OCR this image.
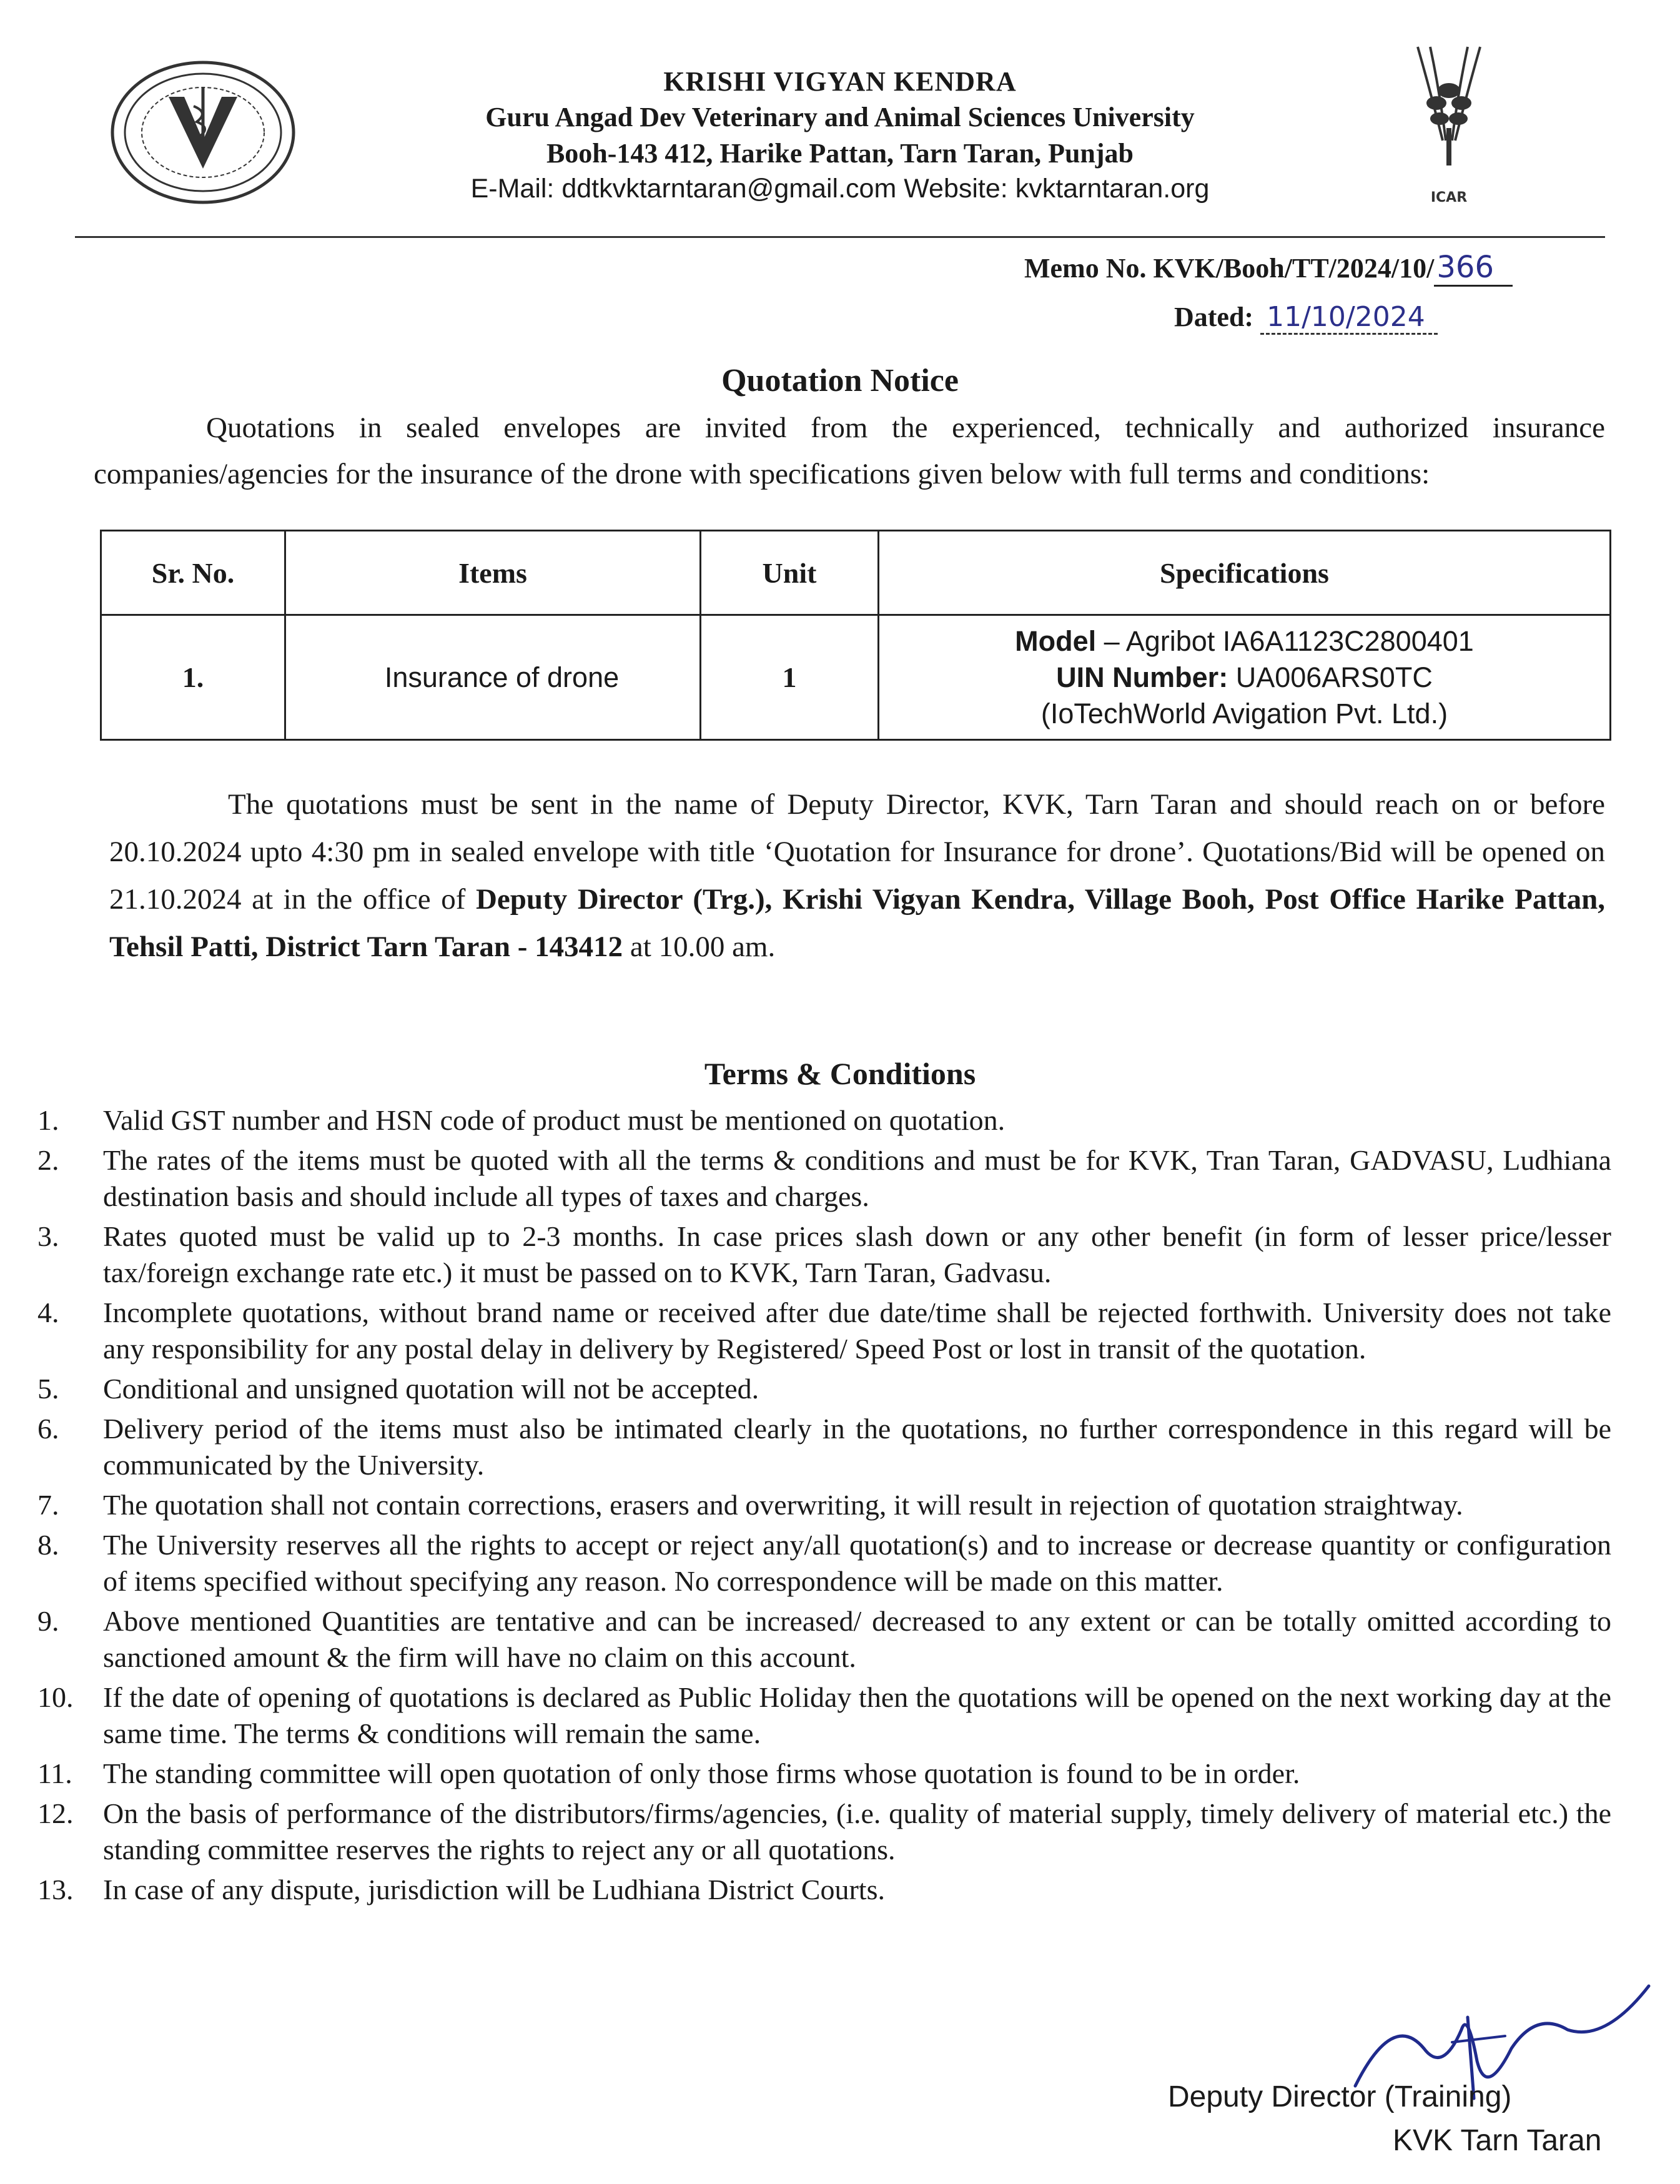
ICAR
KRISHI VIGYAN KENDRA
Guru Angad Dev Veterinary and Animal Sciences University
Booh-143 412, Harike Pattan, Tarn Taran, Punjab
E-Mail: ddtkvktarntaran@gmail.com Website: kvktarntaran.org
Memo No. KVK/Booh/TT/2024/10/366
Dated: 11/10/2024
Quotation Notice
Quotations in sealed envelopes are invited from the experienced, technically and authorized insurance companies/agencies for the insurance of the drone with specifications given below with full terms and conditions:
Sr. No.	Items	Unit	Specifications
1.	Insurance of drone	1	Model – Agribot IA6A1123C2800401
UIN Number: UA006ARS0TC
(IoTechWorld Avigation Pvt. Ltd.)
The quotations must be sent in the name of Deputy Director, KVK, Tarn Taran and should reach on or before 20.10.2024 upto 4:30 pm in sealed envelope with title ‘Quotation for Insurance for drone’. Quotations/Bid will be opened on 21.10.2024 at in the office of Deputy Director (Trg.), Krishi Vigyan Kendra, Village Booh, Post Office Harike Pattan, Tehsil Patti, District Tarn Taran - 143412 at 10.00 am.
Terms & Conditions
1.	Valid GST number and HSN code of product must be mentioned on quotation.
2.	The rates of the items must be quoted with all the terms & conditions and must be for KVK, Tran Taran, GADVASU, Ludhiana destination basis and should include all types of taxes and charges.
3.	Rates quoted must be valid up to 2-3 months. In case prices slash down or any other benefit (in form of lesser price/lesser tax/foreign exchange rate etc.) it must be passed on to KVK, Tarn Taran, Gadvasu.
4.	Incomplete quotations, without brand name or received after due date/time shall be rejected forthwith. University does not take any responsibility for any postal delay in delivery by Registered/ Speed Post or lost in transit of the quotation.
5.	Conditional and unsigned quotation will not be accepted.
6.	Delivery period of the items must also be intimated clearly in the quotations, no further correspondence in this regard will be communicated by the University.
7.	The quotation shall not contain corrections, erasers and overwriting, it will result in rejection of quotation straightway.
8.	The University reserves all the rights to accept or reject any/all quotation(s) and to increase or decrease quantity or configuration of items specified without specifying any reason. No correspondence will be made on this matter.
9.	Above mentioned Quantities are tentative and can be increased/ decreased to any extent or can be totally omitted according to sanctioned amount & the firm will have no claim on this account.
10.	If the date of opening of quotations is declared as Public Holiday then the quotations will be opened on the next working day at the same time. The terms & conditions will remain the same.
11.	The standing committee will open quotation of only those firms whose quotation is found to be in order.
12.	On the basis of performance of the distributors/firms/agencies, (i.e. quality of material supply, timely delivery of material etc.) the standing committee reserves the rights to reject any or all quotations.
13.	In case of any dispute, jurisdiction will be Ludhiana District Courts.
Deputy Director (Training)
KVK Tarn Taran
